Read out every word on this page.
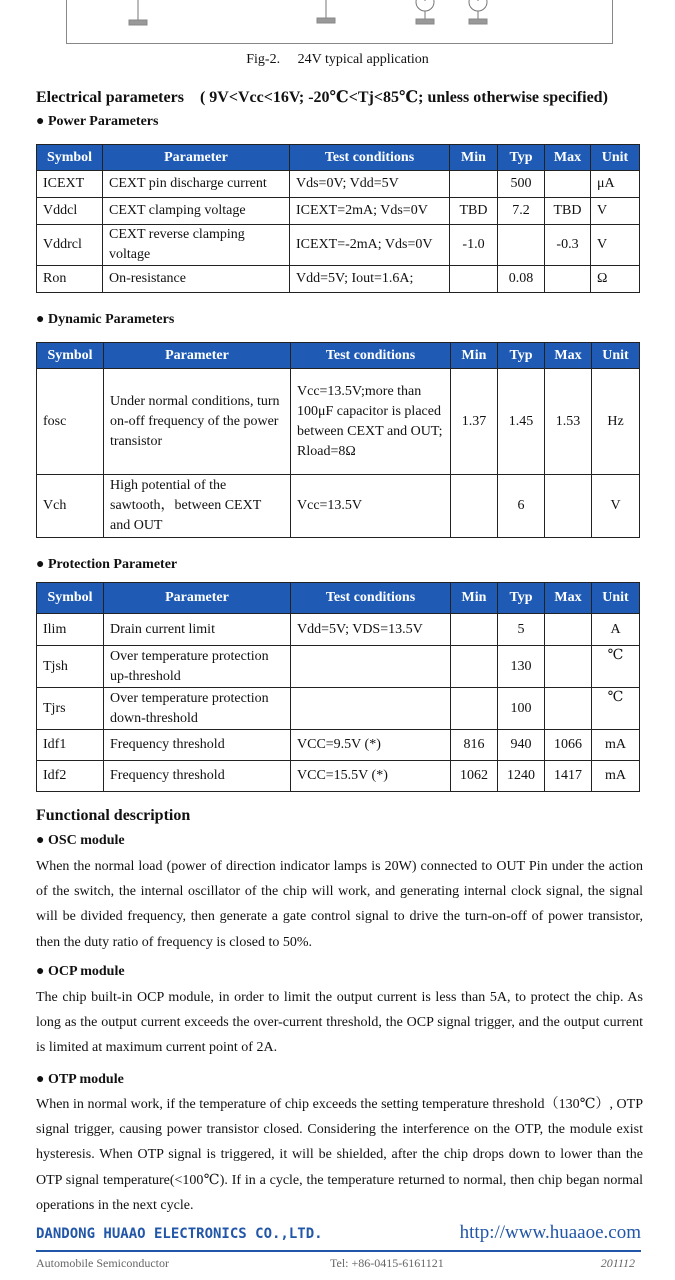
Fig-2. 24V typical application
Electrical parameters ( 9V<Vcc<16V; -20℃<Tj<85℃; unless otherwise specified)
● Power Parameters
Symbol	Parameter	Test conditions	Min	Typ	Max	Unit
ICEXT	CEXT pin discharge current	Vds=0V; Vdd=5V		500		μA
Vddcl	CEXT clamping voltage	ICEXT=2mA; Vds=0V	TBD	7.2	TBD	V
Vddrcl	CEXT reverse clamping voltage	ICEXT=-2mA; Vds=0V	-1.0		-0.3	V
Ron	On-resistance	Vdd=5V; Iout=1.6A;		0.08		Ω
● Dynamic Parameters
Symbol	Parameter	Test conditions	Min	Typ	Max	Unit
fosc	Under normal conditions, turn on-off frequency of the power transistor	Vcc=13.5V;more than 100μF capacitor is placed between CEXT and OUT; Rload=8Ω	1.37	1.45	1.53	Hz
Vch	High potential of the sawtooth，between CEXT and OUT	Vcc=13.5V		6		V
● Protection Parameter
Symbol	Parameter	Test conditions	Min	Typ	Max	Unit
Ilim	Drain current limit	Vdd=5V; VDS=13.5V		5		A
Tjsh	Over temperature protection up-threshold			130		℃
Tjrs	Over temperature protection down-threshold			100		℃
Idf1	Frequency threshold	VCC=9.5V (*)	816	940	1066	mA
Idf2	Frequency threshold	VCC=15.5V (*)	1062	1240	1417	mA
Functional description
● OSC module

When the normal load (power of direction indicator lamps is 20W) connected to OUT Pin under the action of the switch, the internal oscillator of the chip will work, and generating internal clock signal, the signal will be divided frequency, then generate a gate control signal to drive the turn-on-off of power transistor, then the duty ratio of frequency is closed to 50%.

● OCP module

The chip built-in OCP module, in order to limit the output current is less than 5A, to protect the chip. As long as the output current exceeds the over-current threshold, the OCP signal trigger, and the output current is limited at maximum current point of 2A.

● OTP module

When in normal work, if the temperature of chip exceeds the setting temperature threshold（130℃）, OTP signal trigger, causing power transistor closed. Considering the interference on the OTP, the module exist hysteresis. When OTP signal is triggered, it will be shielded, after the chip drops down to lower than the OTP signal temperature(<100℃). If in a cycle, the temperature returned to normal, then chip began normal operations in the next cycle.

DANDONG HUAAO ELECTRONICS CO.,LTD.	http://www.huaaoe.com
Automobile Semiconductor	Tel: +86-0415-6161121	201112
